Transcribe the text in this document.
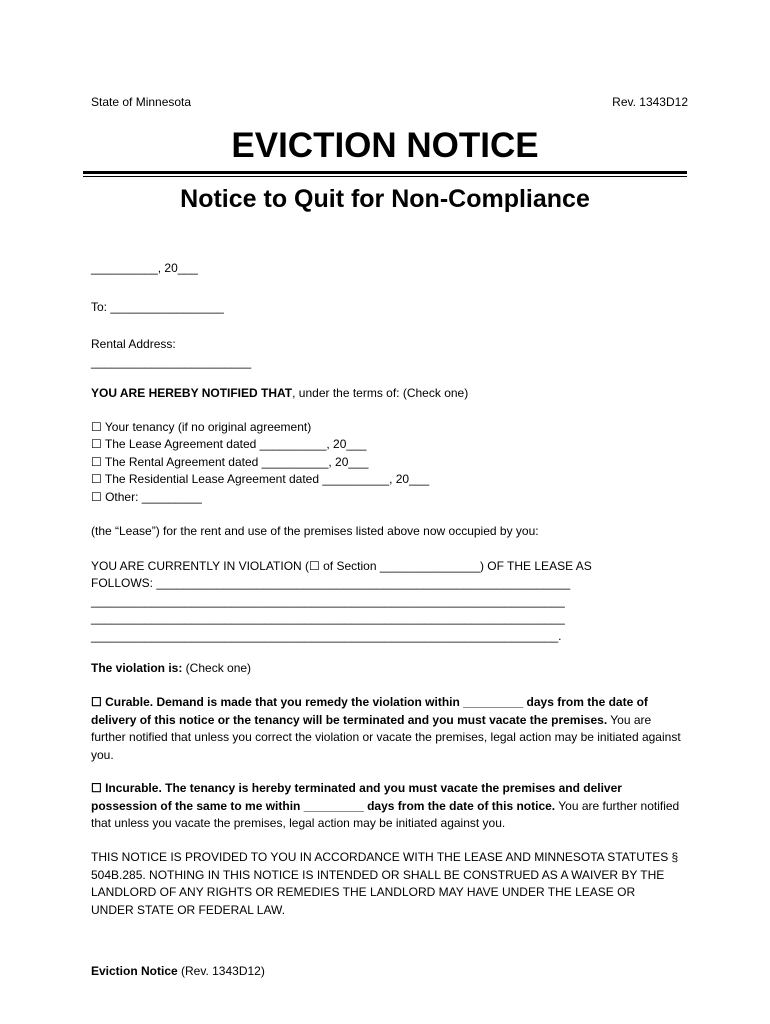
State of Minnesota	Rev. 1343D12
EVICTION NOTICE
Notice to Quit for Non-Compliance
__________, 20___
To: _________________
Rental Address:
________________________
YOU ARE HEREBY NOTIFIED THAT, under the terms of: (Check one)
☐ Your tenancy (if no original agreement)
☐ The Lease Agreement dated __________, 20___
☐ The Rental Agreement dated __________, 20___
☐ The Residential Lease Agreement dated __________, 20___
☐ Other: _________
(the “Lease”) for the rent and use of the premises listed above now occupied by you:
YOU ARE CURRENTLY IN VIOLATION (☐ of Section _______________) OF THE LEASE AS
FOLLOWS: ______________________________________________________________
_______________________________________________________________________
_______________________________________________________________________
______________________________________________________________________.
The violation is: (Check one)
☐ Curable. Demand is made that you remedy the violation within _________ days from the date of delivery of this notice or the tenancy will be terminated and you must vacate the premises. You are further notified that unless you correct the violation or vacate the premises, legal action may be initiated against you.
☐ Incurable. The tenancy is hereby terminated and you must vacate the premises and deliver possession of the same to me within _________ days from the date of this notice. You are further notified that unless you vacate the premises, legal action may be initiated against you.
THIS NOTICE IS PROVIDED TO YOU IN ACCORDANCE WITH THE LEASE AND MINNESOTA STATUTES § 504B.285. NOTHING IN THIS NOTICE IS INTENDED OR SHALL BE CONSTRUED AS A WAIVER BY THE LANDLORD OF ANY RIGHTS OR REMEDIES THE LANDLORD MAY HAVE UNDER THE LEASE OR UNDER STATE OR FEDERAL LAW.
Eviction Notice (Rev. 1343D12)
